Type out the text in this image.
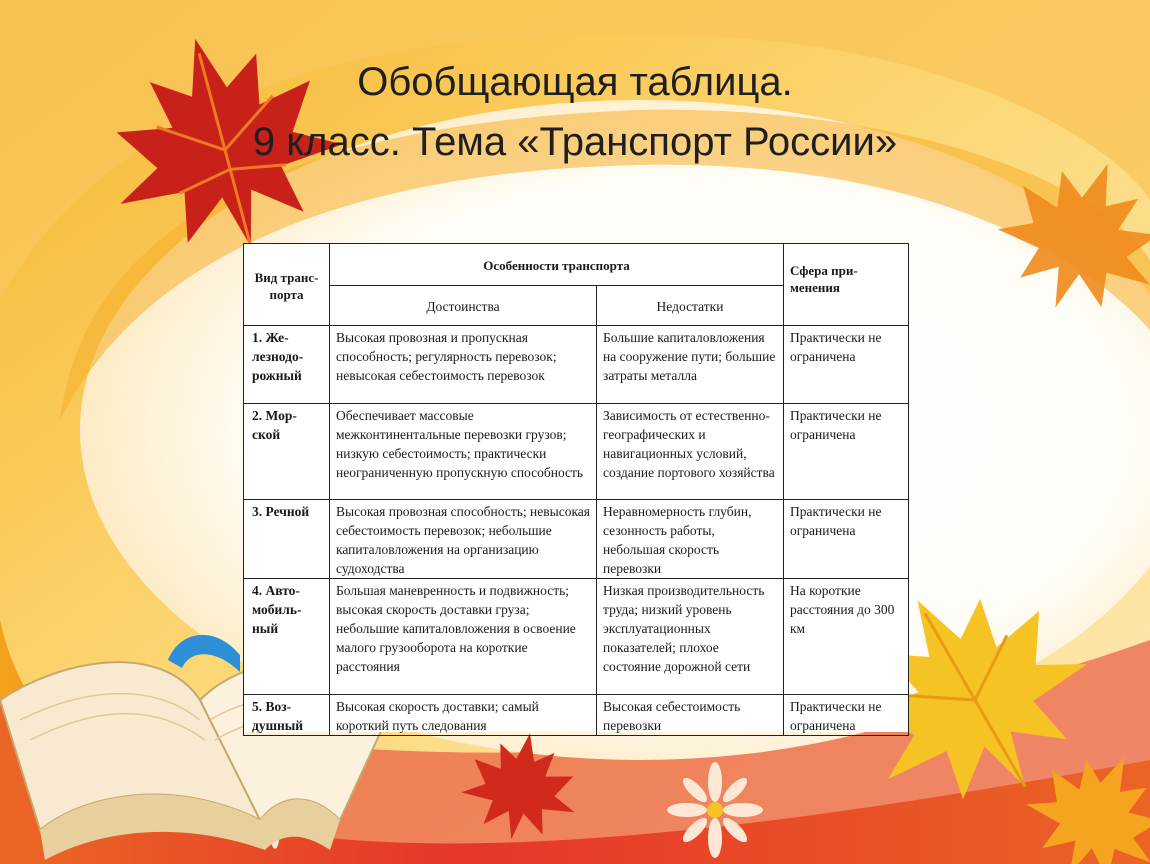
Обобщающая таблица.
9 класс. Тема «Транспорт России»
Вид транс-порта	Особенности транспорта		Сфера при-менения
	Достоинства	Недостатки	
1. Же-лезнодо-рожный	Высокая провозная и пропускная способность; регулярность перевозок; невысокая себестоимость перевозок	Большие капиталовложения на сооружение пути; большие затраты металла	Практически не ограничена
2. Мор-ской	Обеспечивает массовые межконтинентальные перевозки грузов; низкую себестоимость; практически неограниченную пропускную способность	Зависимость от естественно-географических и навигационных условий, создание портового хозяйства	Практически не ограничена
3. Речной	Высокая провозная способность; невысокая себестоимость перевозок; небольшие капиталовложения на организацию судоходства	Неравномерность глубин, сезонность работы, небольшая скорость перевозки	Практически не ограничена
4. Авто-мобиль-ный	Большая маневренность и подвижность; высокая скорость доставки груза; небольшие капиталовложения в освоение малого грузооборота на короткие расстояния	Низкая производительность труда; низкий уровень эксплуатационных показателей; плохое состояние дорожной сети	На короткие расстояния до 300 км
5. Воз-душный	Высокая скорость доставки; самый короткий путь следования	Высокая себестоимость перевозки	Практически не ограничена
